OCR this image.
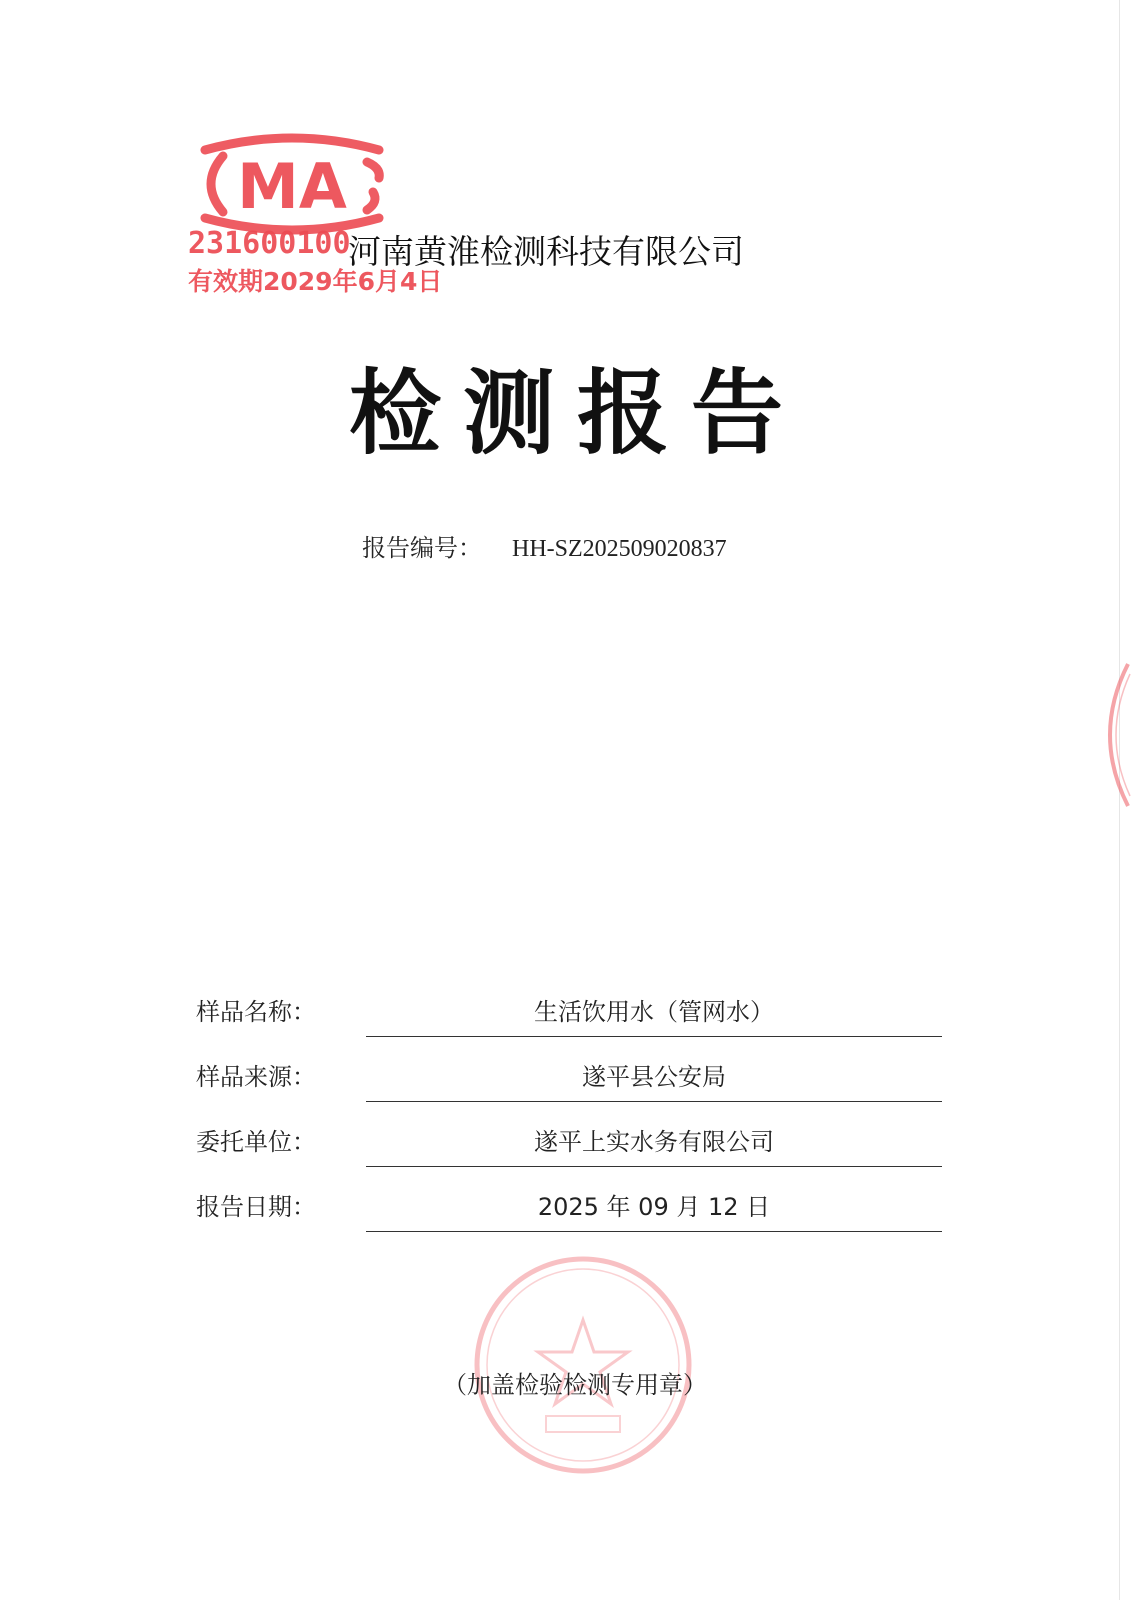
MA
231600100
有效期2029年6月4日
河南黄淮检测科技有限公司
检测报告
报告编号： HH-SZ202509020837
样品名称：	生活饮用水（管网水）
样品来源：	遂平县公安局
委托单位：	遂平上实水务有限公司
报告日期：	2025 年 09 月 12 日
（加盖检验检测专用章）
